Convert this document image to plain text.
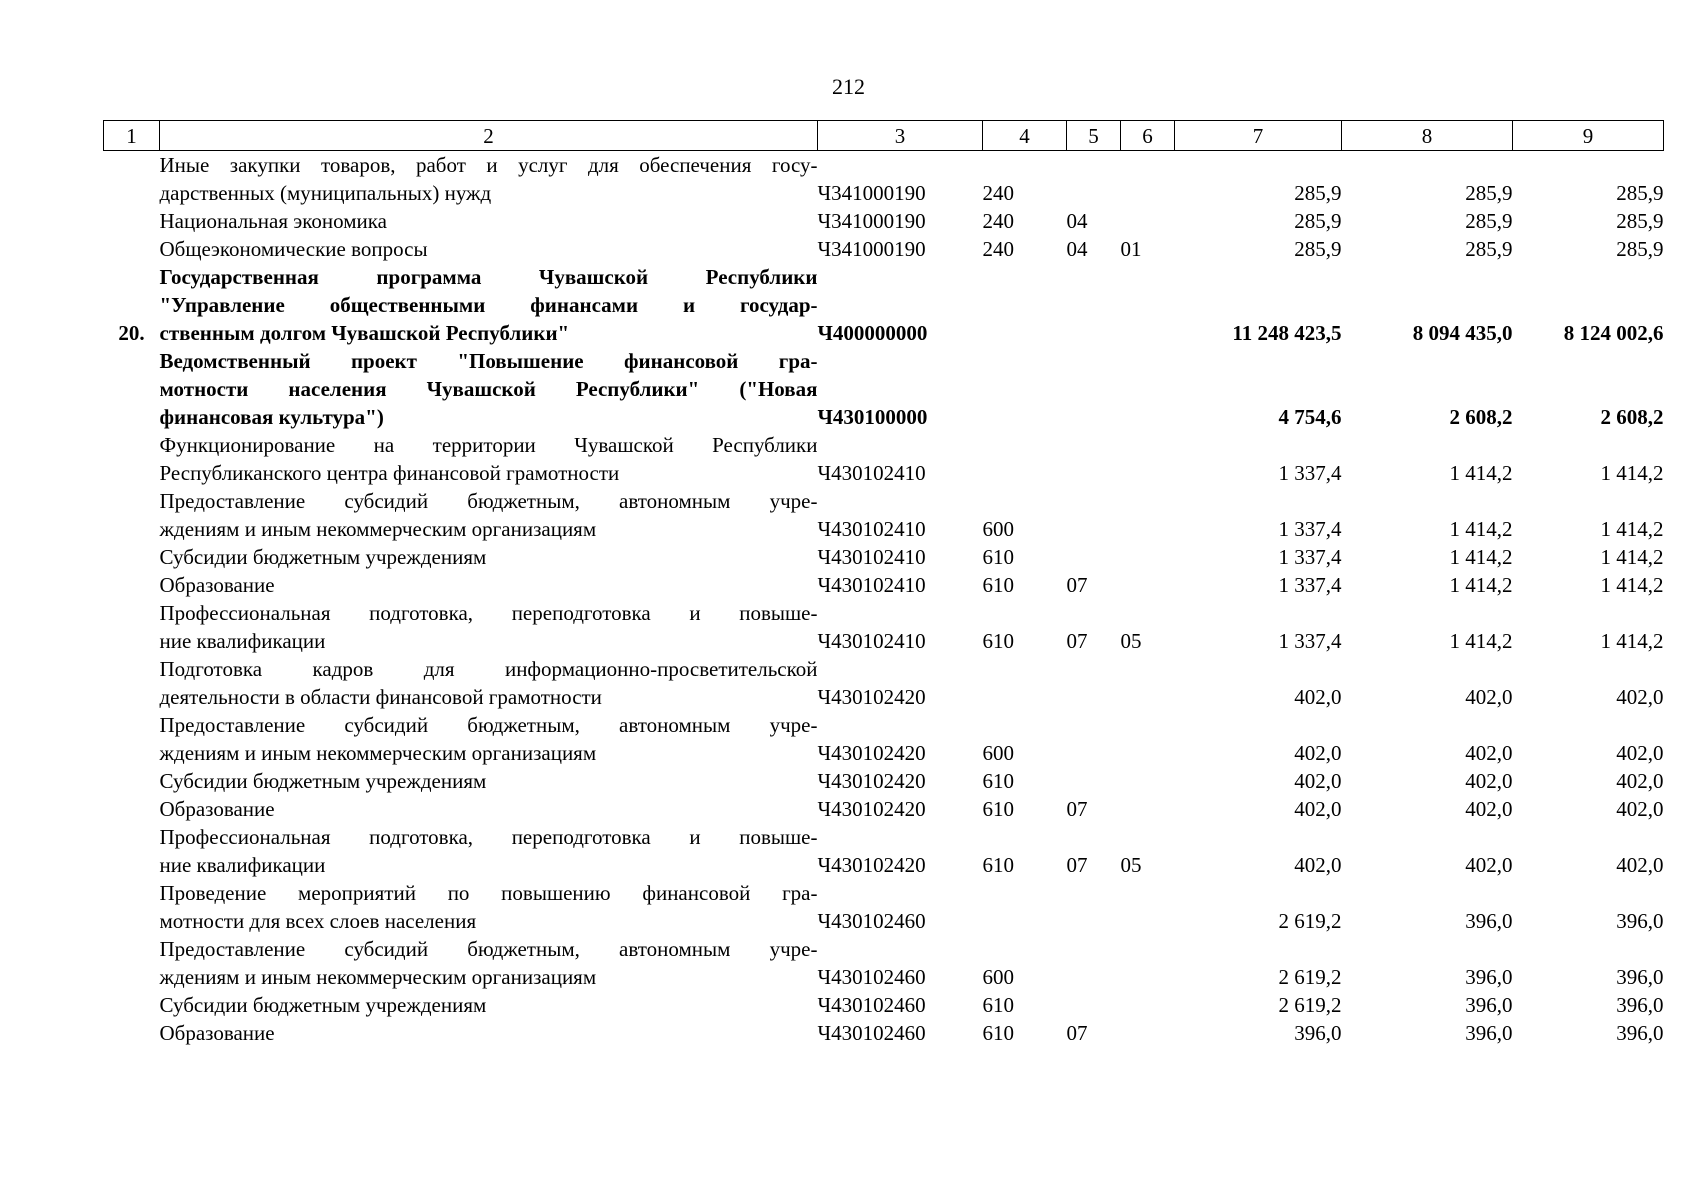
212
1	2	3	4	5	6	7	8	9

	Иные закупки товаров, работ и услуг для обеспечения госу-
дарственных (муниципальных) нужд	Ч341000190	240			285,9	285,9	285,9

	Национальная экономика	Ч341000190	240	04		285,9	285,9	285,9

	Общеэкономические вопросы	Ч341000190	240	04	01	285,9	285,9	285,9
20.	Государственная программа Чувашской Республики
"Управление общественными финансами и государ-
ственным долгом Чувашской Республики"	Ч400000000				11 248 423,5	8 094 435,0	8 124 002,6

	Ведомственный проект "Повышение финансовой гра-
мотности населения Чувашской Республики" ("Новая
финансовая культура")	Ч430100000				4 754,6	2 608,2	2 608,2

	Функционирование на территории Чувашской Республики
Республиканского центра финансовой грамотности	Ч430102410				1 337,4	1 414,2	1 414,2

	Предоставление субсидий бюджетным, автономным учре-
ждениям и иным некоммерческим организациям	Ч430102410	600			1 337,4	1 414,2	1 414,2

	Субсидии бюджетным учреждениям	Ч430102410	610			1 337,4	1 414,2	1 414,2

	Образование	Ч430102410	610	07		1 337,4	1 414,2	1 414,2

	Профессиональная подготовка, переподготовка и повыше-
ние квалификации	Ч430102410	610	07	05	1 337,4	1 414,2	1 414,2

	Подготовка кадров для информационно-просветительской
деятельности в области финансовой грамотности	Ч430102420				402,0	402,0	402,0

	Предоставление субсидий бюджетным, автономным учре-
ждениям и иным некоммерческим организациям	Ч430102420	600			402,0	402,0	402,0

	Субсидии бюджетным учреждениям	Ч430102420	610			402,0	402,0	402,0

	Образование	Ч430102420	610	07		402,0	402,0	402,0

	Профессиональная подготовка, переподготовка и повыше-
ние квалификации	Ч430102420	610	07	05	402,0	402,0	402,0

	Проведение мероприятий по повышению финансовой гра-
мотности для всех слоев населения	Ч430102460				2 619,2	396,0	396,0

	Предоставление субсидий бюджетным, автономным учре-
ждениям и иным некоммерческим организациям	Ч430102460	600			2 619,2	396,0	396,0

	Субсидии бюджетным учреждениям	Ч430102460	610			2 619,2	396,0	396,0

	Образование	Ч430102460	610	07		396,0	396,0	396,0
